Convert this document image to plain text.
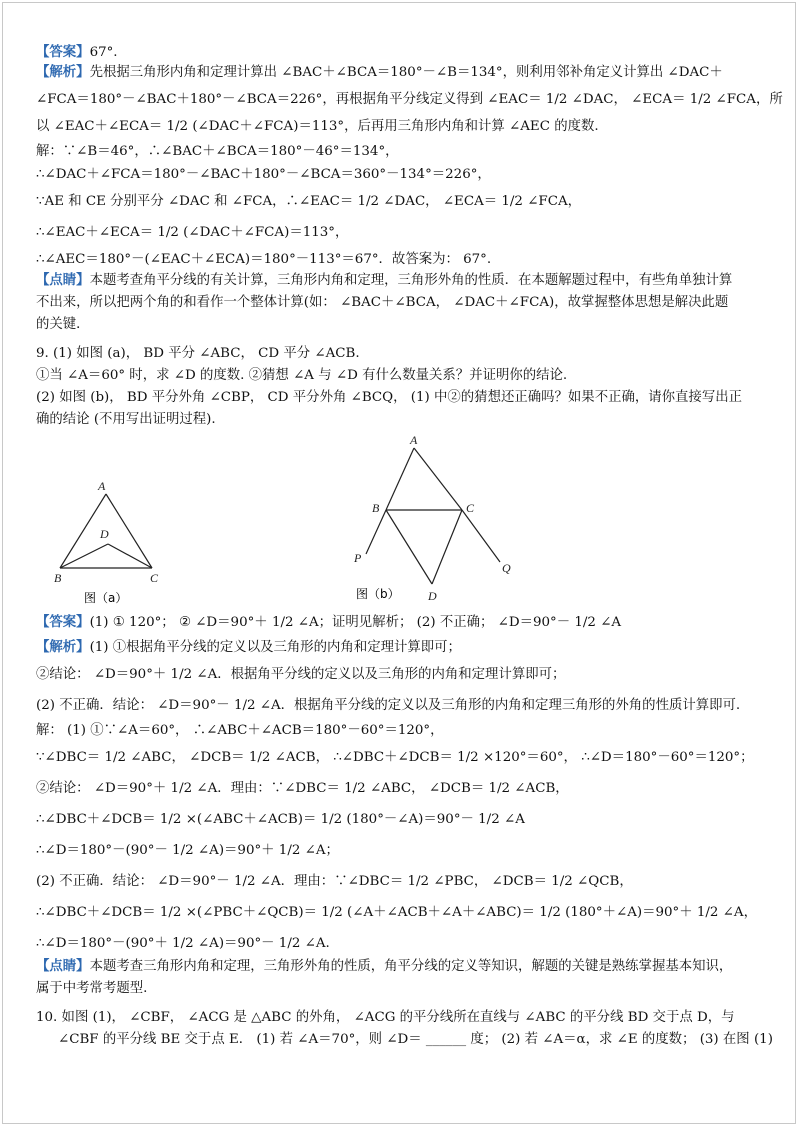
【答案】67°.

【解析】先根据三角形内角和定理计算出 ∠BAC＋∠BCA＝180°－∠B＝134°，则利用邻补角定义计算出 ∠DAC＋

∠FCA＝180°－∠BAC＋180°－∠BCA＝226°，再根据角平分线定义得到 ∠EAC＝ 1/2 ∠DAC， ∠ECA＝ 1/2 ∠FCA，所

以 ∠EAC＋∠ECA＝ 1/2 (∠DAC＋∠FCA)＝113°，后再用三角形内角和计算 ∠AEC 的度数.

解：∵∠B＝46°，∴∠BAC＋∠BCA＝180°－46°＝134°，

∴∠DAC＋∠FCA＝180°－∠BAC＋180°－∠BCA＝360°－134°＝226°，

∵AE 和 CE 分别平分 ∠DAC 和 ∠FCA，∴∠EAC＝ 1/2 ∠DAC， ∠ECA＝ 1/2 ∠FCA，

∴∠EAC＋∠ECA＝ 1/2 (∠DAC＋∠FCA)＝113°，

∴∠AEC＝180°－(∠EAC＋∠ECA)＝180°－113°＝67°．故答案为： 67°.

【点睛】本题考查角平分线的有关计算，三角形内角和定理，三角形外角的性质．在本题解题过程中，有些角单独计算

不出来，所以把两个角的和看作一个整体计算(如： ∠BAC＋∠BCA， ∠DAC＋∠FCA)，故掌握整体思想是解决此题

的关键．

9. (1) 如图 (a)， BD 平分 ∠ABC， CD 平分 ∠ACB.

①当 ∠A＝60° 时，求 ∠D 的度数. ②猜想 ∠A 与 ∠D 有什么数量关系？并证明你的结论.

(2) 如图 (b)， BD 平分外角 ∠CBP， CD 平分外角 ∠BCQ， (1) 中②的猜想还正确吗？如果不正确，请你直接写出正

确的结论 (不用写出证明过程).

A
B	C
D
图（a）
A
B	C
P
Q
D
图（b）

【答案】(1) ① 120°； ② ∠D＝90°＋ 1/2 ∠A；证明见解析； (2) 不正确； ∠D＝90°－ 1/2 ∠A

【解析】(1) ①根据角平分线的定义以及三角形的内角和定理计算即可；

②结论： ∠D＝90°＋ 1/2 ∠A．根据角平分线的定义以及三角形的内角和定理计算即可；

(2) 不正确．结论： ∠D＝90°－ 1/2 ∠A．根据角平分线的定义以及三角形的内角和定理三角形的外角的性质计算即可.

解： (1) ①∵∠A＝60°， ∴∠ABC＋∠ACB＝180°－60°＝120°，

∵∠DBC＝ 1/2 ∠ABC， ∠DCB＝ 1/2 ∠ACB， ∴∠DBC＋∠DCB＝ 1/2 ×120°＝60°， ∴∠D＝180°－60°＝120°；

②结论： ∠D＝90°＋ 1/2 ∠A．理由：∵∠DBC＝ 1/2 ∠ABC， ∠DCB＝ 1/2 ∠ACB，

∴∠DBC＋∠DCB＝ 1/2 ×(∠ABC＋∠ACB)＝ 1/2 (180°－∠A)＝90°－ 1/2 ∠A

∴∠D＝180°－(90°－ 1/2 ∠A)＝90°＋ 1/2 ∠A；

(2) 不正确．结论： ∠D＝90°－ 1/2 ∠A．理由：∵∠DBC＝ 1/2 ∠PBC， ∠DCB＝ 1/2 ∠QCB，

∴∠DBC＋∠DCB＝ 1/2 ×(∠PBC＋∠QCB)＝ 1/2 (∠A＋∠ACB＋∠A＋∠ABC)＝ 1/2 (180°＋∠A)＝90°＋ 1/2 ∠A，

∴∠D＝180°－(90°＋ 1/2 ∠A)＝90°－ 1/2 ∠A.

【点睛】本题考查三角形内角和定理，三角形外角的性质，角平分线的定义等知识，解题的关键是熟练掌握基本知识，

属于中考常考题型.

10. 如图 (1)， ∠CBF， ∠ACG 是 △ABC 的外角， ∠ACG 的平分线所在直线与 ∠ABC 的平分线 BD 交于点 D，与

∠CBF 的平分线 BE 交于点 E． (1) 若 ∠A＝70°，则 ∠D＝ ______ 度； (2) 若 ∠A＝α，求 ∠E 的度数； (3) 在图 (1)
